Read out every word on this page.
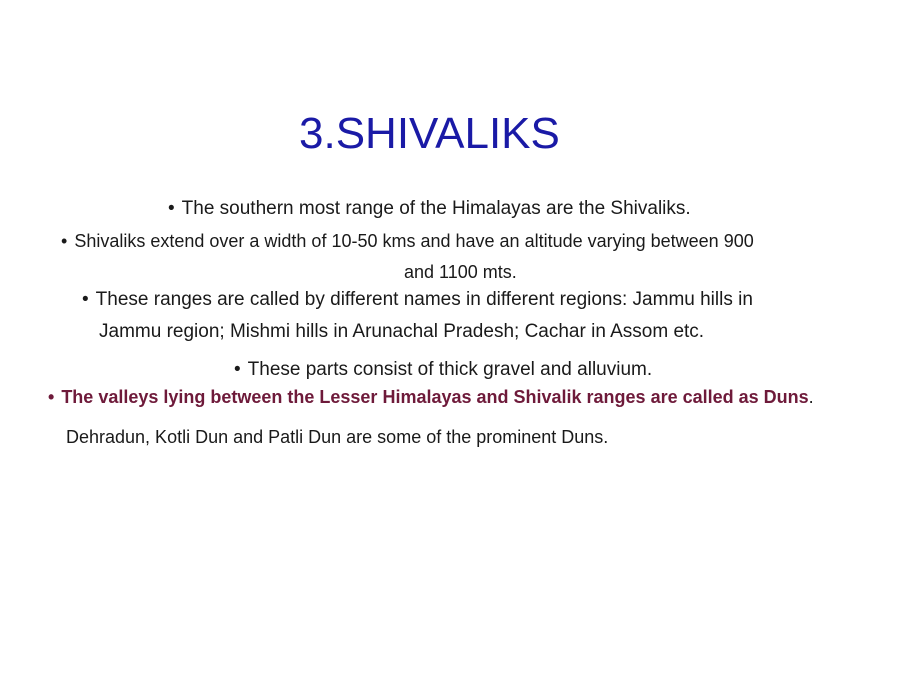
3.SHIVALIKS
• The southern most range of the Himalayas are the Shivaliks.
• Shivaliks extend over a width of 10-50 kms and have an altitude varying between 900
and 1100 mts.
• These ranges are called by different names in different regions: Jammu hills in
Jammu region; Mishmi hills in Arunachal Pradesh; Cachar in Assom etc.
• These parts consist of thick gravel and alluvium.
• The valleys lying between the Lesser Himalayas and Shivalik ranges are called as Duns.
Dehradun, Kotli Dun and Patli Dun are some of the prominent Duns.
